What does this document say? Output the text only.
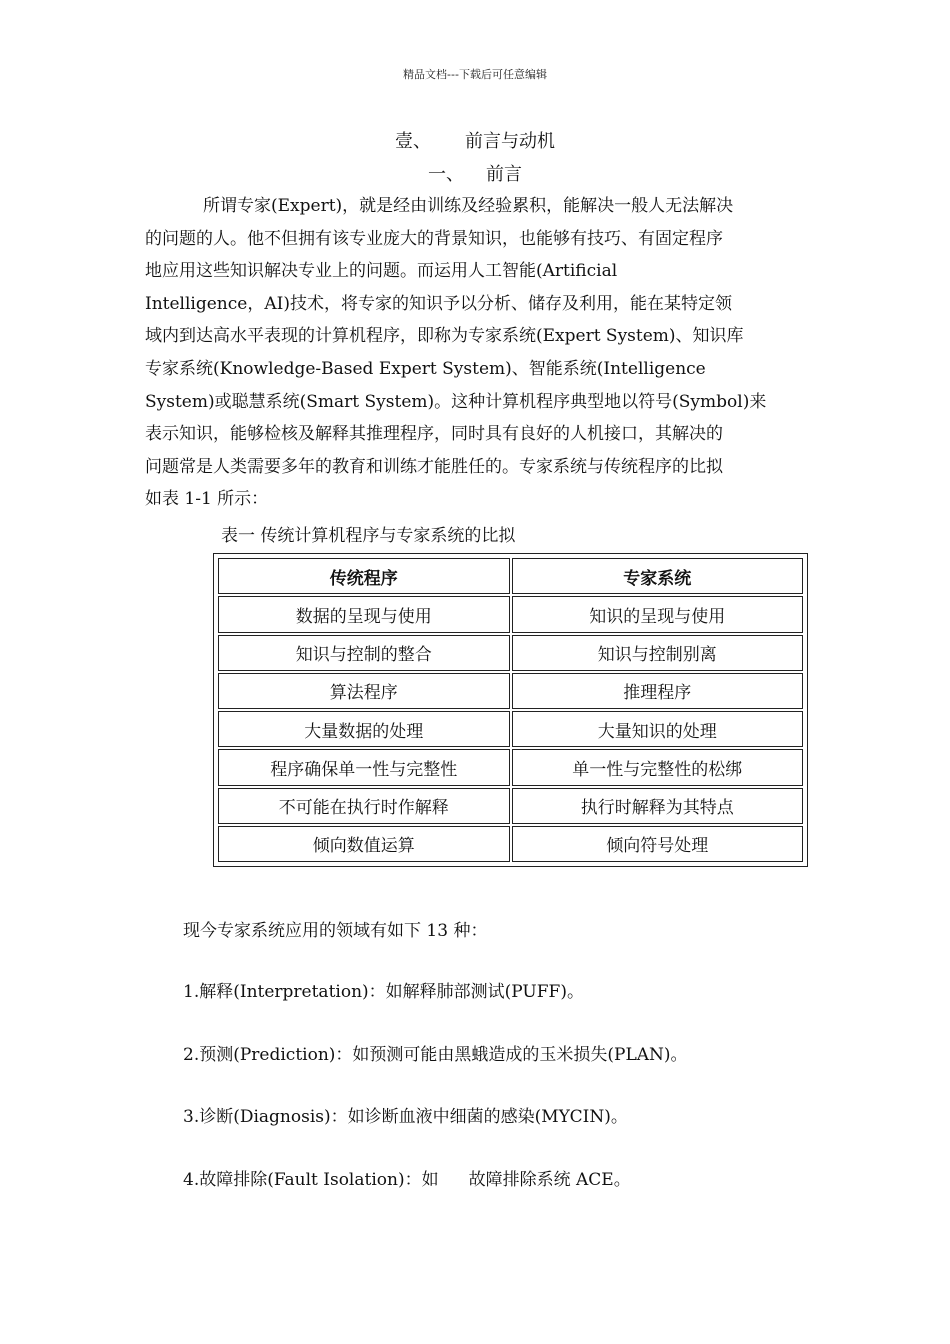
精品文档---下载后可任意编辑
壹、 前言与动机
一、 前言
所谓专家(Expert)，就是经由训练及经验累积，能解决一般人无法解决
的问题的人。他不但拥有该专业庞大的背景知识，也能够有技巧、有固定程序
地应用这些知识解决专业上的问题。而运用人工智能(Artificial
Intelligence，AI)技术，将专家的知识予以分析、储存及利用，能在某特定领
域内到达高水平表现的计算机程序，即称为专家系统(Expert System)、知识库
专家系统(Knowledge-Based Expert System)、智能系统(Intelligence
System)或聪慧系统(Smart System)。这种计算机程序典型地以符号(Symbol)来
表示知识，能够检核及解释其推理程序，同时具有良好的人机接口，其解决的
问题常是人类需要多年的教育和训练才能胜任的。专家系统与传统程序的比拟
如表 1-1 所示：
表一 传统计算机程序与专家系统的比拟
传统程序	专家系统
数据的呈现与使用	知识的呈现与使用
知识与控制的整合	知识与控制别离
算法程序	推理程序
大量数据的处理	大量知识的处理
程序确保单一性与完整性	单一性与完整性的松绑
不可能在执行时作解释	执行时解释为其特点
倾向数值运算	倾向符号处理
现今专家系统应用的领域有如下 13 种：
1.解释(Interpretation)：如解释肺部测试(PUFF)。
2.预测(Prediction)：如预测可能由黑蛾造成的玉米损失(PLAN)。
3.诊断(Diagnosis)：如诊断血液中细菌的感染(MYCIN)。
4.故障排除(Fault Isolation)：如 故障排除系统 ACE。
